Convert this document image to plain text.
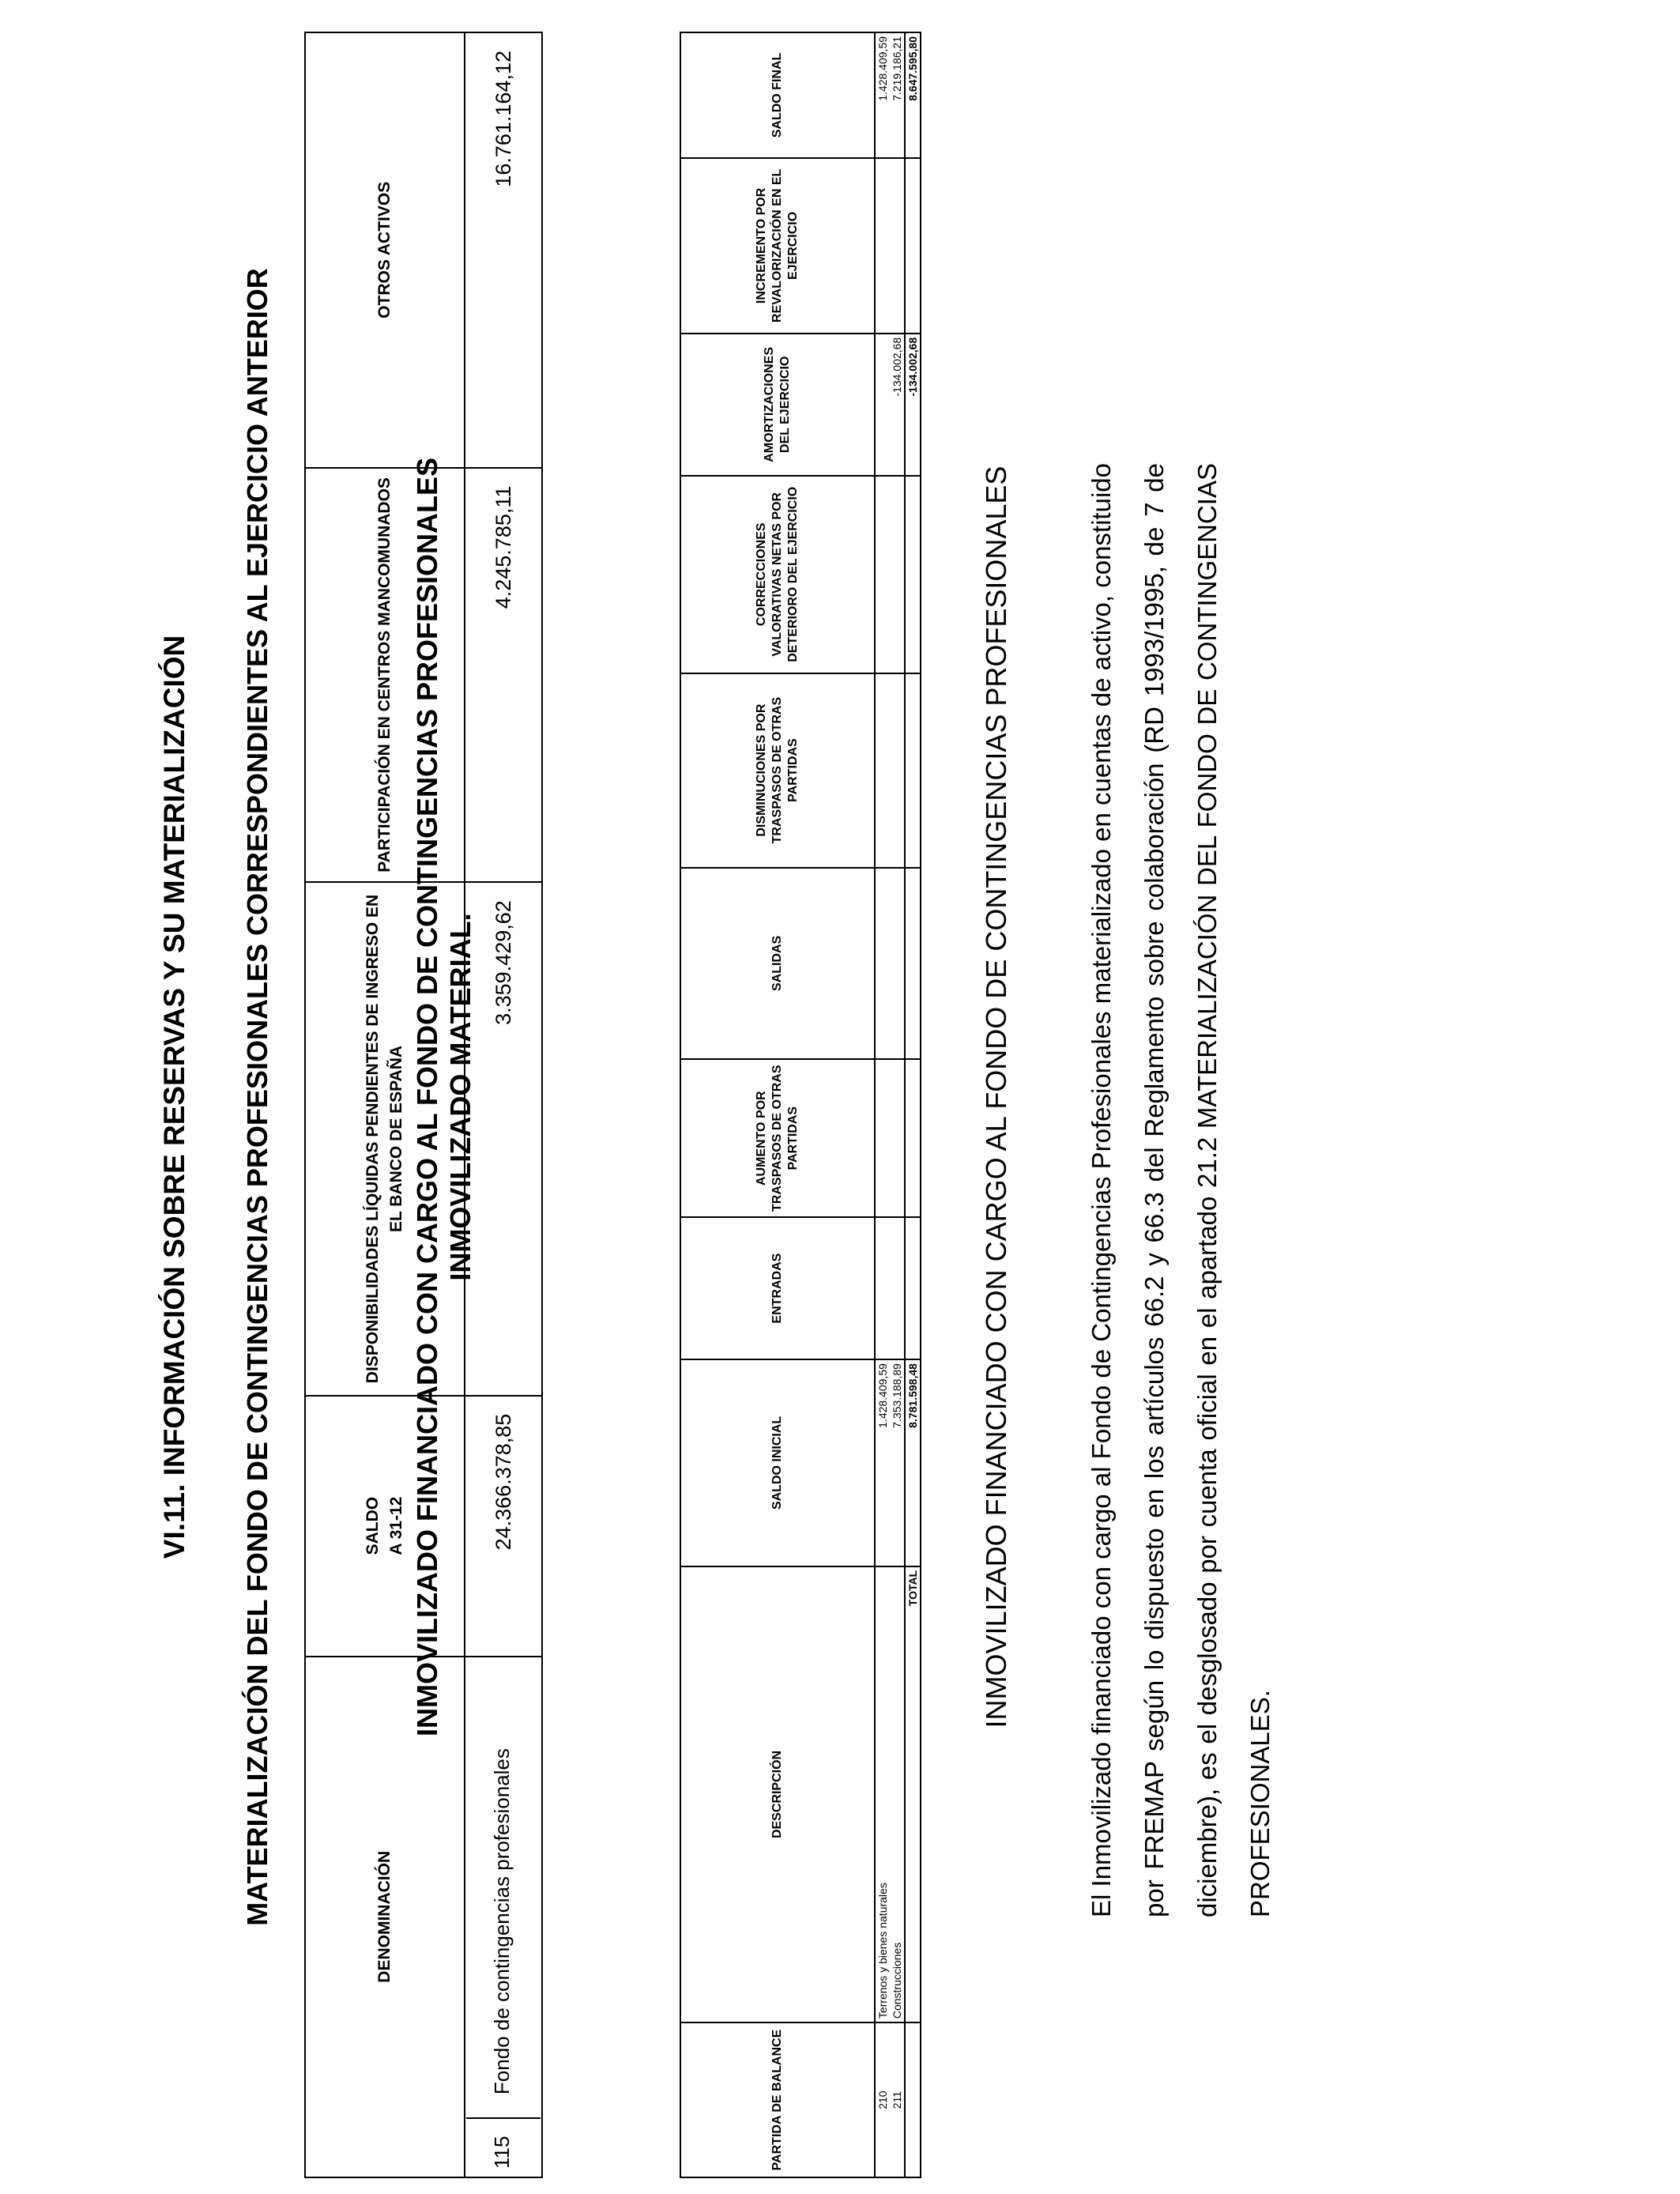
VI.11. INFORMACIÓN SOBRE RESERVAS Y SU MATERIALIZACIÓN MATERIALIZACIÓN DEL FONDO DE CONTINGENCIAS PROFESIONALES CORRESPONDIENTES AL EJERCICIO ANTERIOR	DENOMINACIÓN	SALDO A 31-12	DISPONIBILIDADES LÍQUIDAS PENDIENTES DE INGRESO EN EL BANCO DE ESPAÑA	PARTICIPACIÓN EN CENTROS MANCOMUNADOS	OTROS ACTIVOS
115  Fondo de contingencias profesionales	24.366.378,85	3.359.429,62	4.245.785,11	16.761.164,12
INMOVILIZADO FINANCIADO CON CARGO AL FONDO DE CONTINGENCIAS PROFESIONALES INMOVILIZADO MATERIAL.
PARTIDA DE BALANCE	DESCRIPCIÓN	SALDO INICIAL	ENTRADAS	AUMENTO POR TRASPASOS DE OTRAS PARTIDAS	SALIDAS	DISMINUCIONES POR TRASPASOS DE OTRAS PARTIDAS	CORRECCIONES VALORATIVAS NETAS POR DETERIORO DEL EJERCICIO	AMORTIZACIONES DEL EJERCICIO	INCREMENTO POR REVALORIZACIÓN EN EL EJERCICIO	SALDO FINAL
210	Terrenos y bienes naturales	1.428.409,59								1.428.409,59
211	Construcciones	7.353.188,89						-134.002,68		7.219.186,21
	TOTAL	8.781.598,48						-134.002,68		8.647.595,80
INMOVILIZADO FINANCIADO CON CARGO AL FONDO DE CONTINGENCIAS PROFESIONALES	El Inmovilizado financiado con cargo al Fondo de Contingencias Profesionales materializado en cuentas de activo, constituido por FREMAP según lo dispuesto en los artículos 66.2 y 66.3 del Reglamento sobre colaboración (RD 1993/1995, de 7 de diciembre), es el desglosado por cuenta oficial en el apartado 21.2 MATERIALIZACIÓN DEL FONDO DE CONTINGENCIAS PROFESIONALES.
